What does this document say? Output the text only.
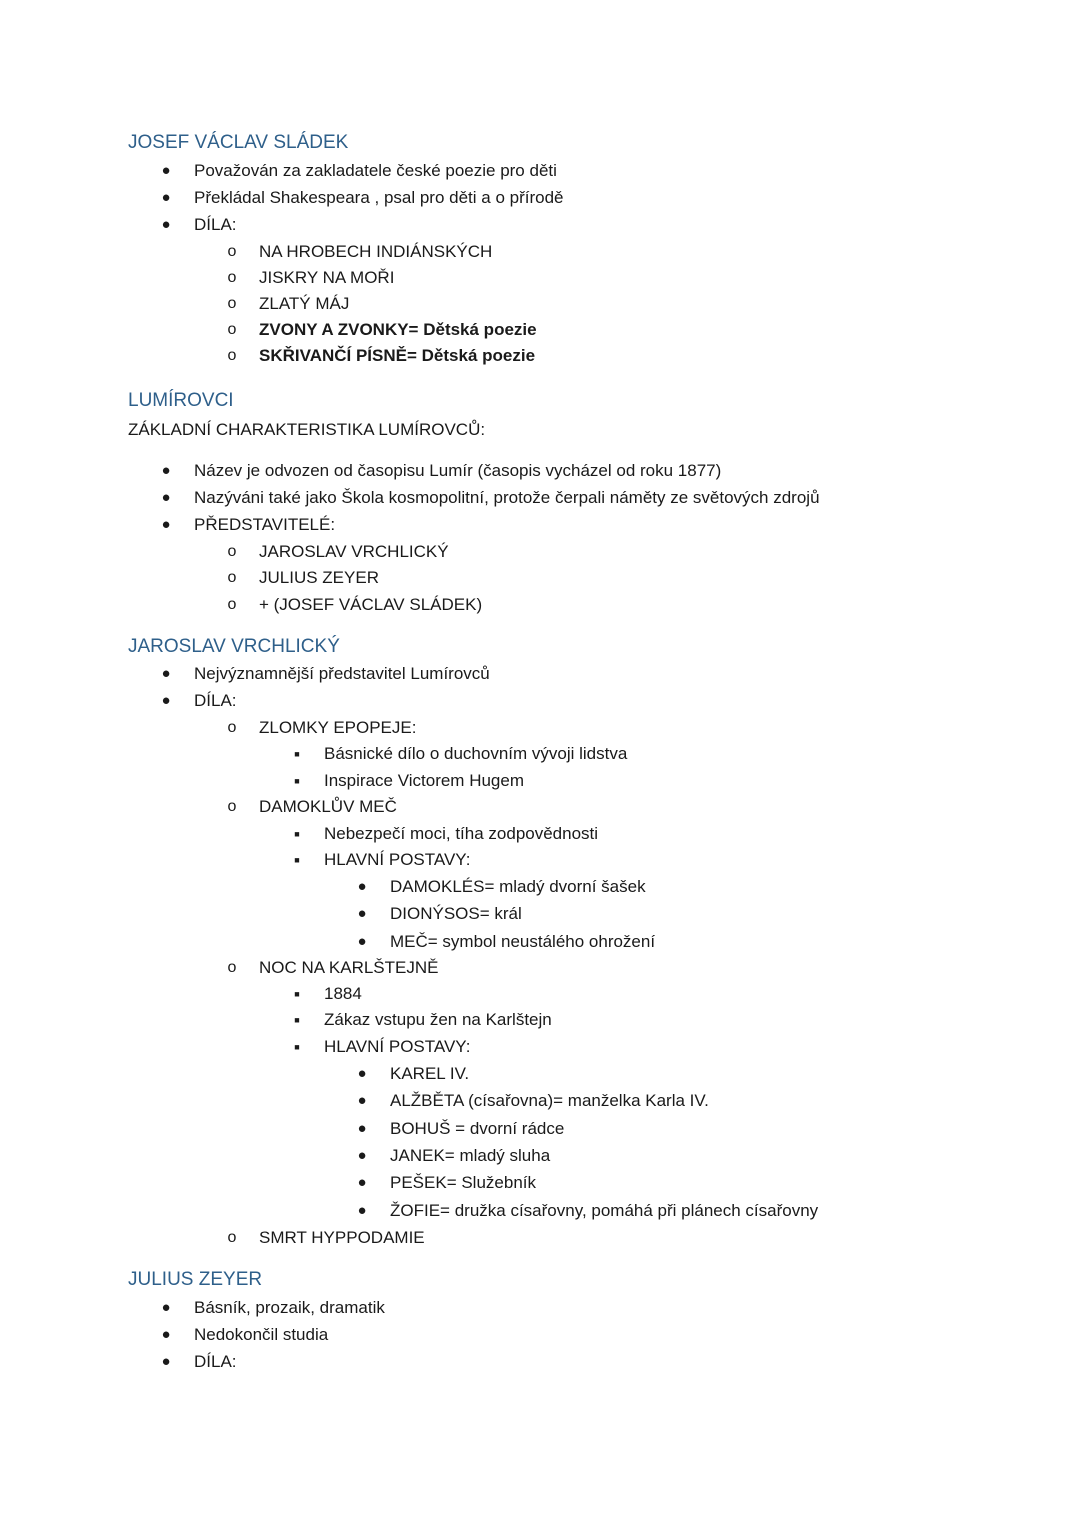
JOSEF VÁCLAV SLÁDEK
●	Považován za zakladatele české poezie pro děti
●	Překládal Shakespeara , psal pro děti a o přírodě
●	DÍLA:
o	NA HROBECH INDIÁNSKÝCH
o	JISKRY NA MOŘI
o	ZLATÝ MÁJ
o	ZVONY A ZVONKY= Dětská poezie
o	SKŘIVANČÍ PÍSNĚ= Dětská poezie
LUMÍROVCI
ZÁKLADNÍ CHARAKTERISTIKA LUMÍROVCŮ:
●	Název je odvozen od časopisu Lumír (časopis vycházel od roku 1877)
●	Nazýváni také jako Škola kosmopolitní, protože čerpali náměty ze světových zdrojů
●	PŘEDSTAVITELÉ:
o	JAROSLAV VRCHLICKÝ
o	JULIUS ZEYER
o	+ (JOSEF VÁCLAV SLÁDEK)
JAROSLAV VRCHLICKÝ
●	Nejvýznamnější představitel Lumírovců
●	DÍLA:
o	ZLOMKY EPOPEJE:
■	Básnické dílo o duchovním vývoji lidstva
■	Inspirace Victorem Hugem
o	DAMOKLŮV MEČ
■	Nebezpečí moci, tíha zodpovědnosti
■	HLAVNÍ POSTAVY:
●	DAMOKLÉS= mladý dvorní šašek
●	DIONÝSOS= král
●	MEČ= symbol neustálého ohrožení
o	NOC NA KARLŠTEJNĚ
■	1884
■	Zákaz vstupu žen na Karlštejn
■	HLAVNÍ POSTAVY:
●	KAREL IV.
●	ALŽBĚTA (císařovna)= manželka Karla IV.
●	BOHUŠ = dvorní rádce
●	JANEK= mladý sluha
●	PEŠEK= Služebník
●	ŽOFIE= družka císařovny, pomáhá při plánech císařovny
o	SMRT HYPPODAMIE
JULIUS ZEYER
●	Básník, prozaik, dramatik
●	Nedokončil studia
●	DÍLA:
